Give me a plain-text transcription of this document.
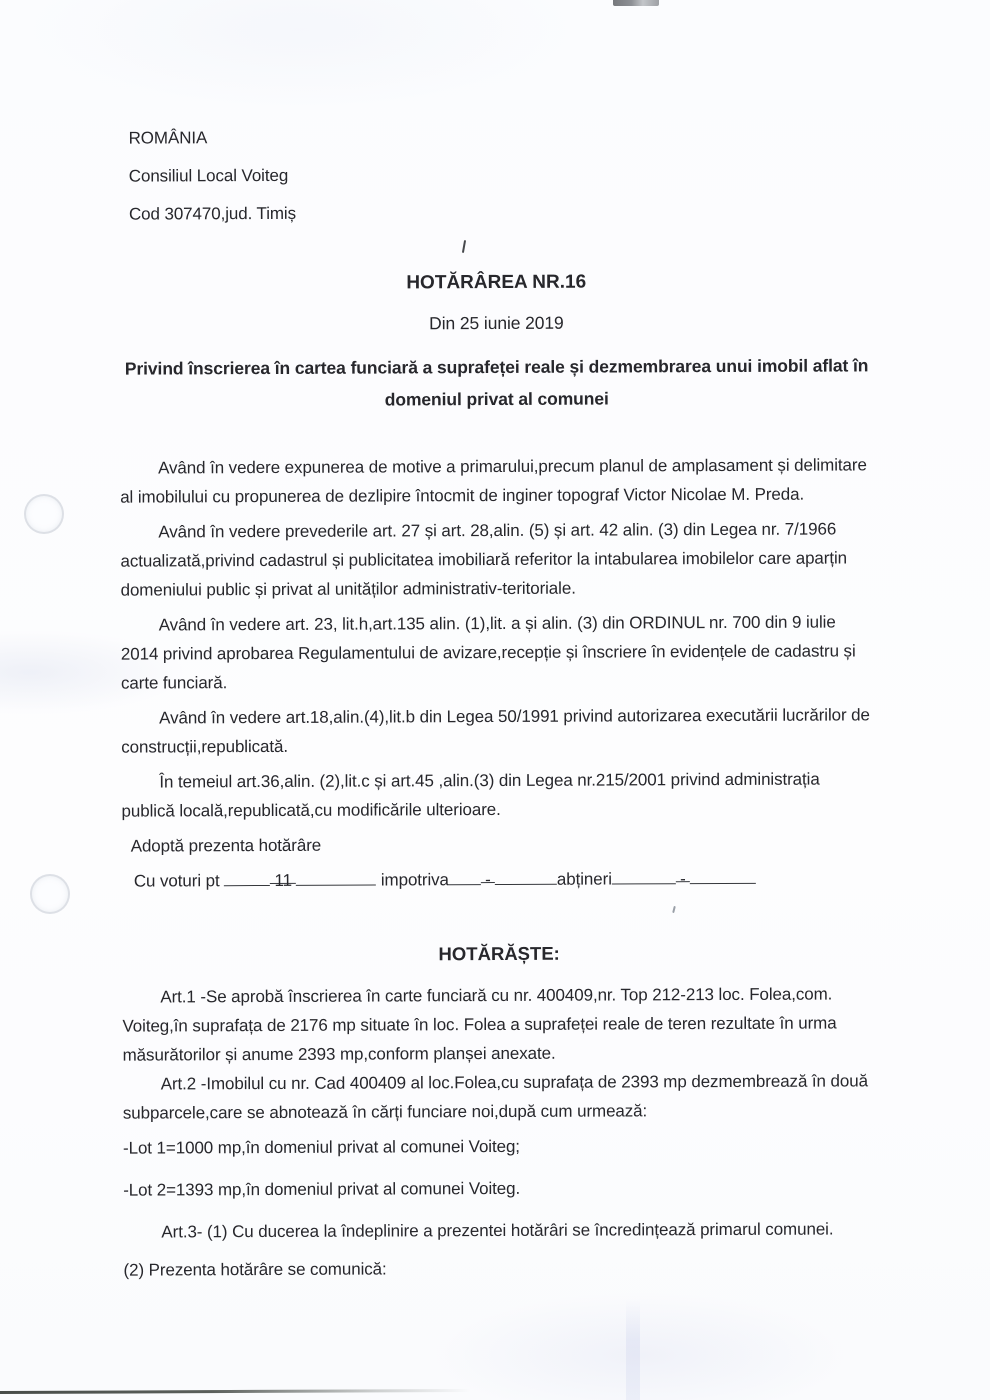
ROMÂNIA
Consiliul Local Voiteg
Cod 307470,jud. Timiș
HOTĂRÂREA NR.16
Din 25 iunie 2019
Privind înscrierea în cartea funciară a suprafeței reale și dezmembrarea unui imobil aflat în domeniul privat al comunei

Având în vedere expunerea de motive a primarului,precum planul de amplasament și delimitare al imobilului cu propunerea de dezlipire întocmit de inginer topograf Victor Nicolae M. Preda.

Având în vedere prevederile art. 27 și art. 28,alin. (5) și art. 42 alin. (3) din Legea nr. 7/1966 actualizată,privind cadastrul și publicitatea imobiliară referitor la intabularea imobilelor care aparțin domeniului public și privat al unităților administrativ-teritoriale.

Având în vedere art. 23, lit.h,art.135 alin. (1),lit. a și alin. (3) din ORDINUL nr. 700 din 9 iulie 2014 privind aprobarea Regulamentului de avizare,recepție și înscriere în evidențele de cadastru și carte funciară.

Având în vedere art.18,alin.(4),lit.b din Legea 50/1991 privind autorizarea executării lucrărilor de construcții,republicată.

În temeiul art.36,alin. (2),lit.c și art.45 ,alin.(3) din Legea nr.215/2001 privind administrația publică locală,republicată,cu modificările ulterioare.

Adoptă prezenta hotărâre

Cu voturi pt	11	impotriva -	abțineri	-
HOTĂRĂȘTE:

Art.1 -Se aprobă înscrierea în carte funciară cu nr. 400409,nr. Top 212-213 loc. Folea,com. Voiteg,în suprafața de 2176 mp situate în loc. Folea a suprafeței reale de teren rezultate în urma măsurătorilor și anume 2393 mp,conform planșei anexate.

Art.2 -Imobilul cu nr. Cad 400409 al loc.Folea,cu suprafața de 2393 mp dezmembrează în două subparcele,care se abnotează în cărți funciare noi,după cum urmează:

-Lot 1=1000 mp,în domeniul privat al comunei Voiteg;

-Lot 2=1393 mp,în domeniul privat al comunei Voiteg.

Art.3- (1) Cu ducerea la îndeplinire a prezentei hotărâri se încredințează primarul comunei.

(2) Prezenta hotărâre se comunică:
